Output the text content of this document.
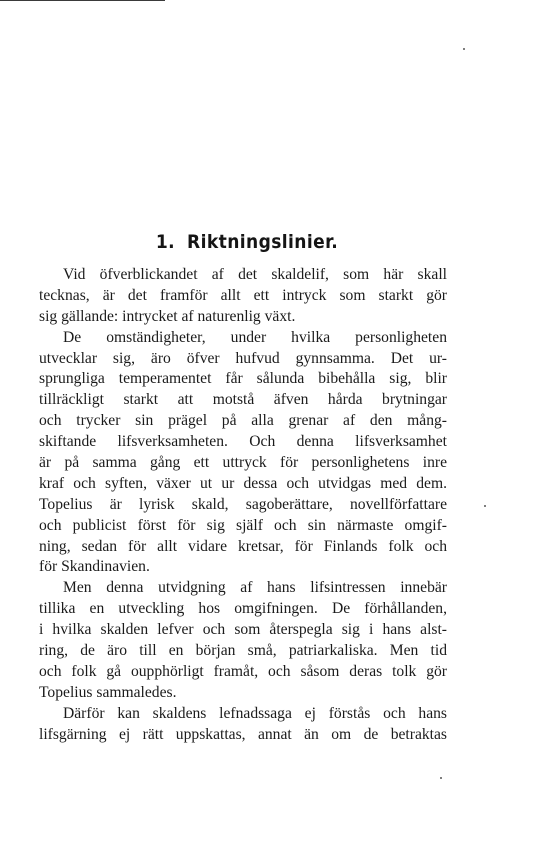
1. Riktningslinier.
Vid öfverblickandet af det skaldelif, som här skall
tecknas, är det framför allt ett intryck som starkt gör
sig gällande: intrycket af naturenlig växt.
De omständigheter, under hvilka personligheten
utvecklar sig, äro öfver hufvud gynnsamma. Det ur-
sprungliga temperamentet får sålunda bibehålla sig, blir
tillräckligt starkt att motstå äfven hårda brytningar
och trycker sin prägel på alla grenar af den mång-
skiftande lifsverksamheten. Och denna lifsverksamhet
är på samma gång ett uttryck för personlighetens inre
kraf och syften, växer ut ur dessa och utvidgas med dem.
Topelius är lyrisk skald, sagoberättare, novellförfattare
och publicist först för sig själf och sin närmaste omgif-
ning, sedan för allt vidare kretsar, för Finlands folk och
för Skandinavien.
Men denna utvidgning af hans lifsintressen innebär
tillika en utveckling hos omgifningen. De förhållanden,
i hvilka skalden lefver och som återspegla sig i hans alst-
ring, de äro till en början små, patriarkaliska. Men tid
och folk gå oupphörligt framåt, och såsom deras tolk gör
Topelius sammaledes.
Därför kan skaldens lefnadssaga ej förstås och hans
lifsgärning ej rätt uppskattas, annat än om de betraktas
